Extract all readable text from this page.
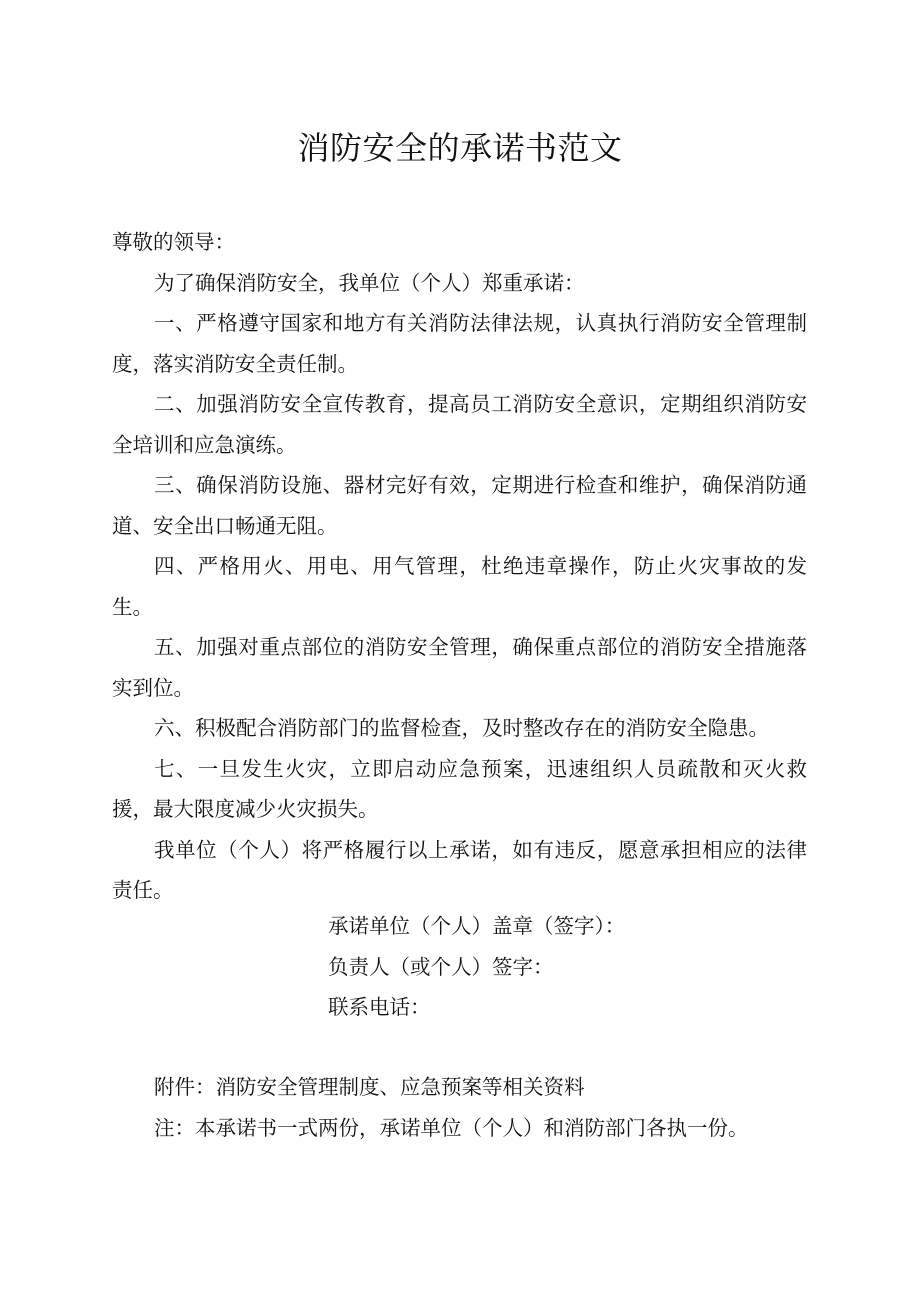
消防安全的承诺书范文

尊敬的领导：

为了确保消防安全，我单位（个人）郑重承诺：

一、严格遵守国家和地方有关消防法律法规，认真执行消防安全管理制度，落实消防安全责任制。

二、加强消防安全宣传教育，提高员工消防安全意识，定期组织消防安全培训和应急演练。

三、确保消防设施、器材完好有效，定期进行检查和维护，确保消防通道、安全出口畅通无阻。

四、严格用火、用电、用气管理，杜绝违章操作，防止火灾事故的发生。

五、加强对重点部位的消防安全管理，确保重点部位的消防安全措施落实到位。

六、积极配合消防部门的监督检查，及时整改存在的消防安全隐患。

七、一旦发生火灾，立即启动应急预案，迅速组织人员疏散和灭火救援，最大限度减少火灾损失。

我单位（个人）将严格履行以上承诺，如有违反，愿意承担相应的法律责任。

承诺单位（个人）盖章（签字）：

负责人（或个人）签字：

联系电话：

附件：消防安全管理制度、应急预案等相关资料

注：本承诺书一式两份，承诺单位（个人）和消防部门各执一份。
